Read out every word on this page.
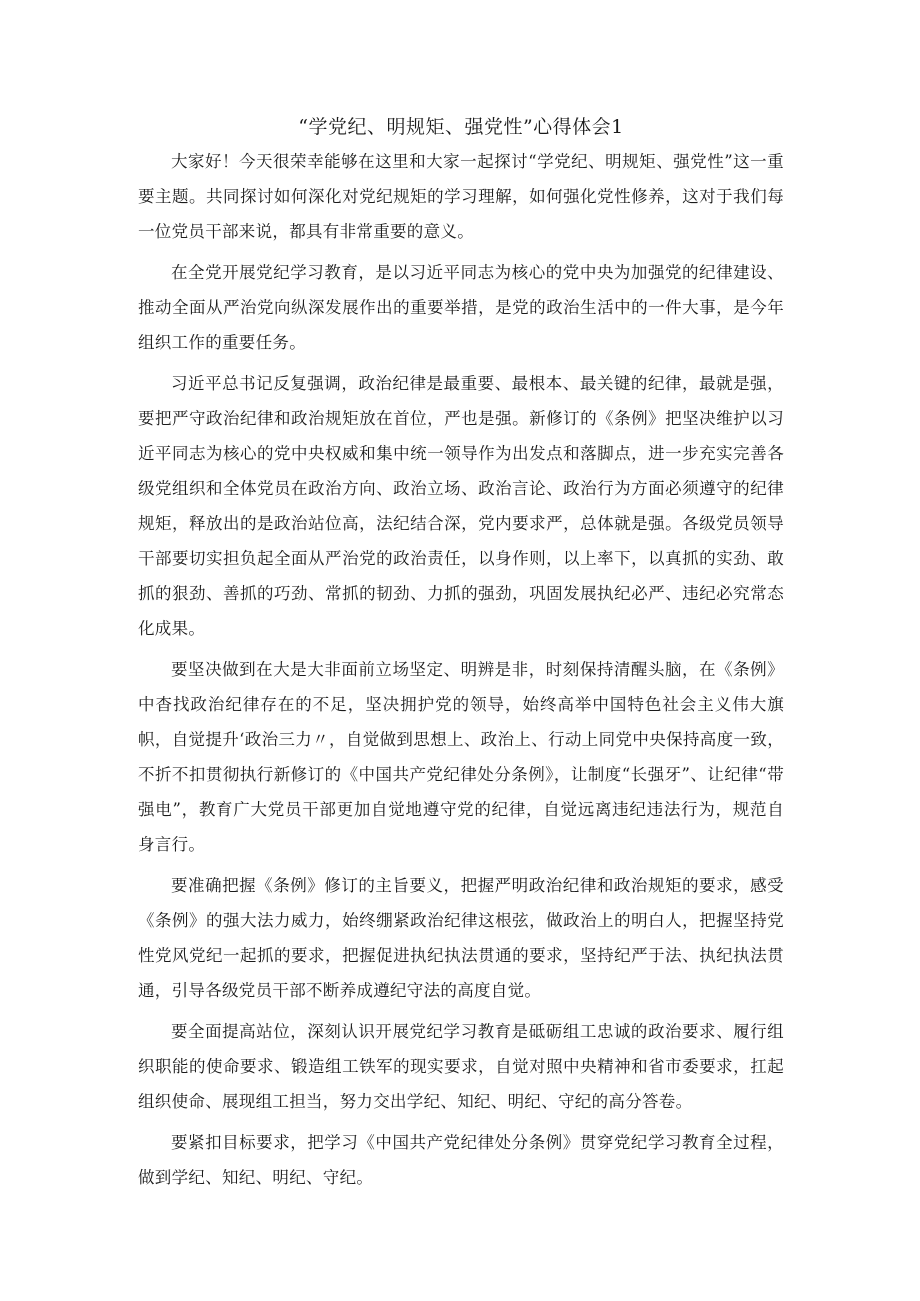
“学党纪、明规矩、强党性”心得体会1

大家好！今天很荣幸能够在这里和大家一起探讨“学党纪、明规矩、强党性”这一重要主题。共同探讨如何深化对党纪规矩的学习理解，如何强化党性修养，这对于我们每一位党员干部来说，都具有非常重要的意义。

在全党开展党纪学习教育，是以习近平同志为核心的党中央为加强党的纪律建设、推动全面从严治党向纵深发展作出的重要举措，是党的政治生活中的一件大事，是今年组织工作的重要任务。

习近平总书记反复强调，政治纪律是最重要、最根本、最关键的纪律，最就是强，要把严守政治纪律和政治规矩放在首位，严也是强。新修订的《条例》把坚决维护以习近平同志为核心的党中央权威和集中统一领导作为出发点和落脚点，进一步充实完善各级党组织和全体党员在政治方向、政治立场、政治言论、政治行为方面必须遵守的纪律规矩，释放出的是政治站位高，法纪结合深，党内要求严，总体就是强。各级党员领导干部要切实担负起全面从严治党的政治责任，以身作则，以上率下，以真抓的实劲、敢抓的狠劲、善抓的巧劲、常抓的韧劲、力抓的强劲，巩固发展执纪必严、违纪必究常态化成果。

要坚决做到在大是大非面前立场坚定、明辨是非，时刻保持清醒头脑，在《条例》中杳找政治纪律存在的不足，坚决拥护党的领导，始终高举中国特色社会主义伟大旗帜，自觉提升‘政治三力〃，自觉做到思想上、政治上、行动上同党中央保持高度一致，不折不扣贯彻执行新修订的《中国共产党纪律处分条例》，让制度“长强牙”、让纪律“带强电”，教育广大党员干部更加自觉地遵守党的纪律，自觉远离违纪违法行为，规范自身言行。

要准确把握《条例》修订的主旨要义，把握严明政治纪律和政治规矩的要求，感受《条例》的强大法力威力，始终绷紧政治纪律这根弦，做政治上的明白人，把握坚持党性党风党纪一起抓的要求，把握促进执纪执法贯通的要求，坚持纪严于法、执纪执法贯通，引导各级党员干部不断养成遵纪守法的高度自觉。

要全面提高站位，深刻认识开展党纪学习教育是砥砺组工忠诚的政治要求、履行组织职能的使命要求、锻造组工铁军的现实要求，自觉对照中央精神和省市委要求，扛起组织使命、展现组工担当，努力交出学纪、知纪、明纪、守纪的高分答卷。

要紧扣目标要求，把学习《中国共产党纪律处分条例》贯穿党纪学习教育全过程，做到学纪、知纪、明纪、守纪。
